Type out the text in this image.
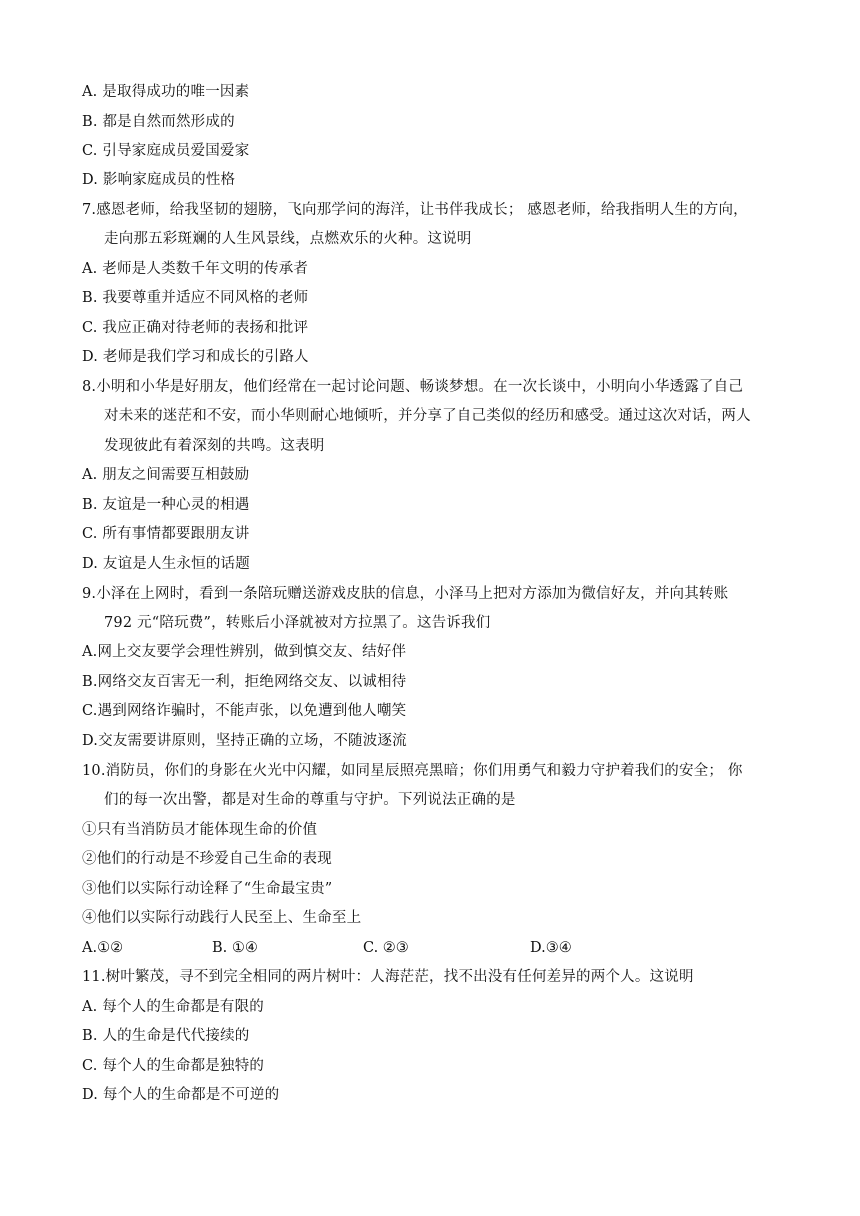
A. 是取得成功的唯一因素
B. 都是自然而然形成的
C. 引导家庭成员爱国爱家
D. 影响家庭成员的性格
7.感恩老师，给我坚韧的翅膀，飞向那学问的海洋，让书伴我成长； 感恩老师，给我指明人生的方向，
走向那五彩斑斓的人生风景线，点燃欢乐的火种。这说明
A. 老师是人类数千年文明的传承者
B. 我要尊重并适应不同风格的老师
C. 我应正确对待老师的表扬和批评
D. 老师是我们学习和成长的引路人
8.小明和小华是好朋友，他们经常在一起讨论问题、畅谈梦想。在一次长谈中，小明向小华透露了自己
对未来的迷茫和不安，而小华则耐心地倾听，并分享了自己类似的经历和感受。通过这次对话，两人
发现彼此有着深刻的共鸣。这表明
A. 朋友之间需要互相鼓励
B. 友谊是一种心灵的相遇
C. 所有事情都要跟朋友讲
D. 友谊是人生永恒的话题
9.小泽在上网时，看到一条陪玩赠送游戏皮肤的信息，小泽马上把对方添加为微信好友，并向其转账
792 元“陪玩费”，转账后小泽就被对方拉黑了。这告诉我们
A.网上交友要学会理性辨别，做到慎交友、结好伴
B.网络交友百害无一利，拒绝网络交友、以诚相待
C.遇到网络诈骗时，不能声张，以免遭到他人嘲笑
D.交友需要讲原则，坚持正确的立场，不随波逐流
10.消防员，你们的身影在火光中闪耀，如同星辰照亮黑暗；你们用勇气和毅力守护着我们的安全； 你
们的每一次出警，都是对生命的尊重与守护。下列说法正确的是
①只有当消防员才能体现生命的价值
②他们的行动是不珍爱自己生命的表现
③他们以实际行动诠释了“生命最宝贵”
④他们以实际行动践行人民至上、生命至上
A.①②	B. ①④	C. ②③	D.③④
11.树叶繁茂，寻不到完全相同的两片树叶：人海茫茫，找不出没有任何差异的两个人。这说明
A. 每个人的生命都是有限的
B. 人的生命是代代接续的
C. 每个人的生命都是独特的
D. 每个人的生命都是不可逆的
